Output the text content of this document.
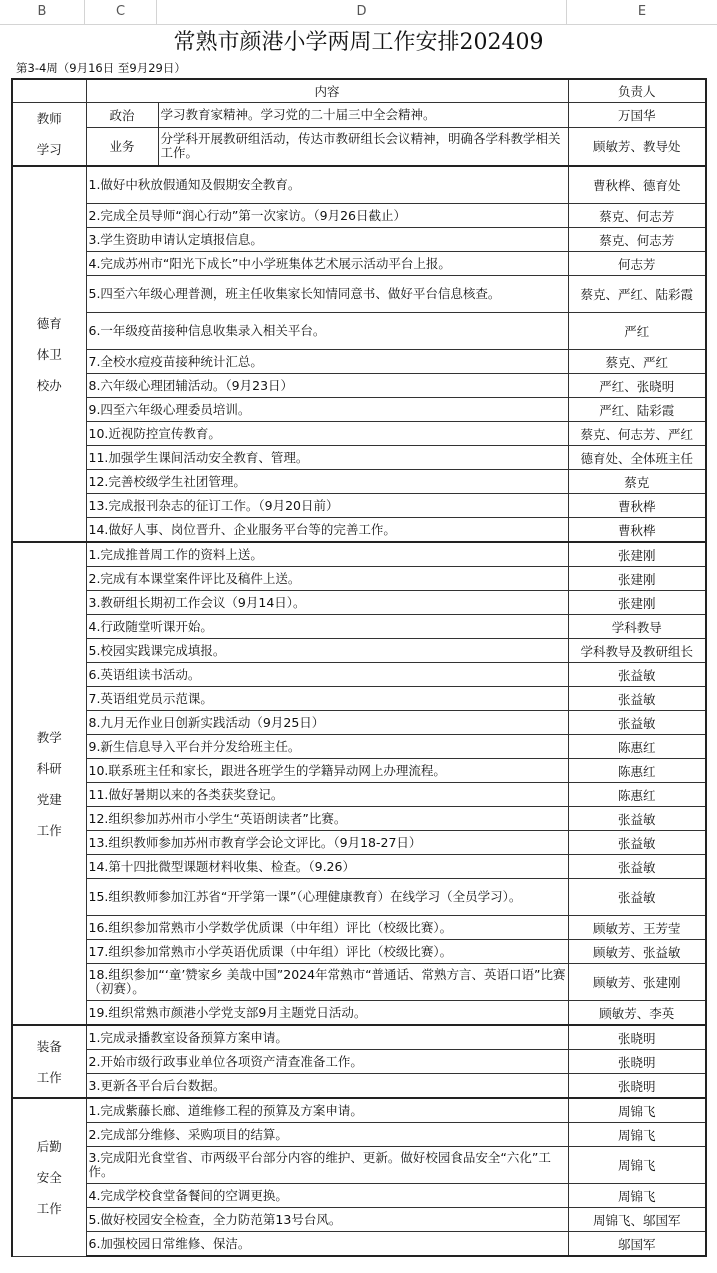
B	C	D	E
常熟市颜港小学两周工作安排202409
第3-4周（9月16日 至9月29日）
	内容		负责人

教师
学习	政治	学习教育家精神。学习党的二十届三中全会精神。	万国华
	业务	分学科开展教研组活动，传达市教研组长会议精神，明确各学科教学相关工作。	顾敏芳、教导处

德育
体卫
校办	1.做好中秋放假通知及假期安全教育。		曹秋桦、德育处
	2.完成全员导师“润心行动”第一次家访。（9月26日截止）		蔡克、何志芳
	3.学生资助申请认定填报信息。		蔡克、何志芳
	4.完成苏州市“阳光下成长”中小学班集体艺术展示活动平台上报。		何志芳
	5.四至六年级心理普测，班主任收集家长知情同意书、做好平台信息核查。		蔡克、严红、陆彩霞
	6.一年级疫苗接种信息收集录入相关平台。		严红
	7.全校水痘疫苗接种统计汇总。		蔡克、严红
	8.六年级心理团辅活动。（9月23日）		严红、张晓明
	9.四至六年级心理委员培训。		严红、陆彩霞
	10.近视防控宣传教育。		蔡克、何志芳、严红
	11.加强学生课间活动安全教育、管理。		德育处、全体班主任
	12.完善校级学生社团管理。		蔡克
	13.完成报刊杂志的征订工作。（9月20日前）		曹秋桦
	14.做好人事、岗位晋升、企业服务平台等的完善工作。		曹秋桦

教学
科研
党建
工作	1.完成推普周工作的资料上送。		张建刚
	2.完成有本课堂案件评比及稿件上送。		张建刚
	3.教研组长期初工作会议（9月14日）。		张建刚
	4.行政随堂听课开始。		学科教导
	5.校园实践课完成填报。		学科教导及教研组长
	6.英语组读书活动。		张益敏
	7.英语组党员示范课。		张益敏
	8.九月无作业日创新实践活动（9月25日）		张益敏
	9.新生信息导入平台并分发给班主任。		陈惠红
	10.联系班主任和家长，跟进各班学生的学籍异动网上办理流程。		陈惠红
	11.做好暑期以来的各类获奖登记。		陈惠红
	12.组织参加苏州市小学生“英语朗读者”比赛。		张益敏
	13.组织教师参加苏州市教育学会论文评比。（9月18-27日）		张益敏
	14.第十四批微型课题材料收集、检查。（9.26）		张益敏
	15.组织教师参加江苏省“开学第一课”（心理健康教育）在线学习（全员学习）。		张益敏
	16.组织参加常熟市小学数学优质课（中年组）评比（校级比赛）。		顾敏芳、王芳莹
	17.组织参加常熟市小学英语优质课（中年组）评比（校级比赛）。		顾敏芳、张益敏
	18.组织参加“‘童’赞家乡 美哉中国”2024年常熟市“普通话、常熟方言、英语口语”比赛（初赛）。		顾敏芳、张建刚
	19.组织常熟市颜港小学党支部9月主题党日活动。		顾敏芳、李英

装备
工作	1.完成录播教室设备预算方案申请。		张晓明
	2.开始市级行政事业单位各项资产清查准备工作。		张晓明
	3.更新各平台后台数据。		张晓明

后勤
安全
工作	1.完成紫藤长廊、道维修工程的预算及方案申请。		周锦飞
	2.完成部分维修、采购项目的结算。		周锦飞
	3.完成阳光食堂省、市两级平台部分内容的维护、更新。做好校园食品安全“六化”工作。		周锦飞
	4.完成学校食堂备餐间的空调更换。		周锦飞
	5.做好校园安全检查，全力防范第13号台风。		周锦飞、邬国军
	6.加强校园日常维修、保洁。		邬国军
